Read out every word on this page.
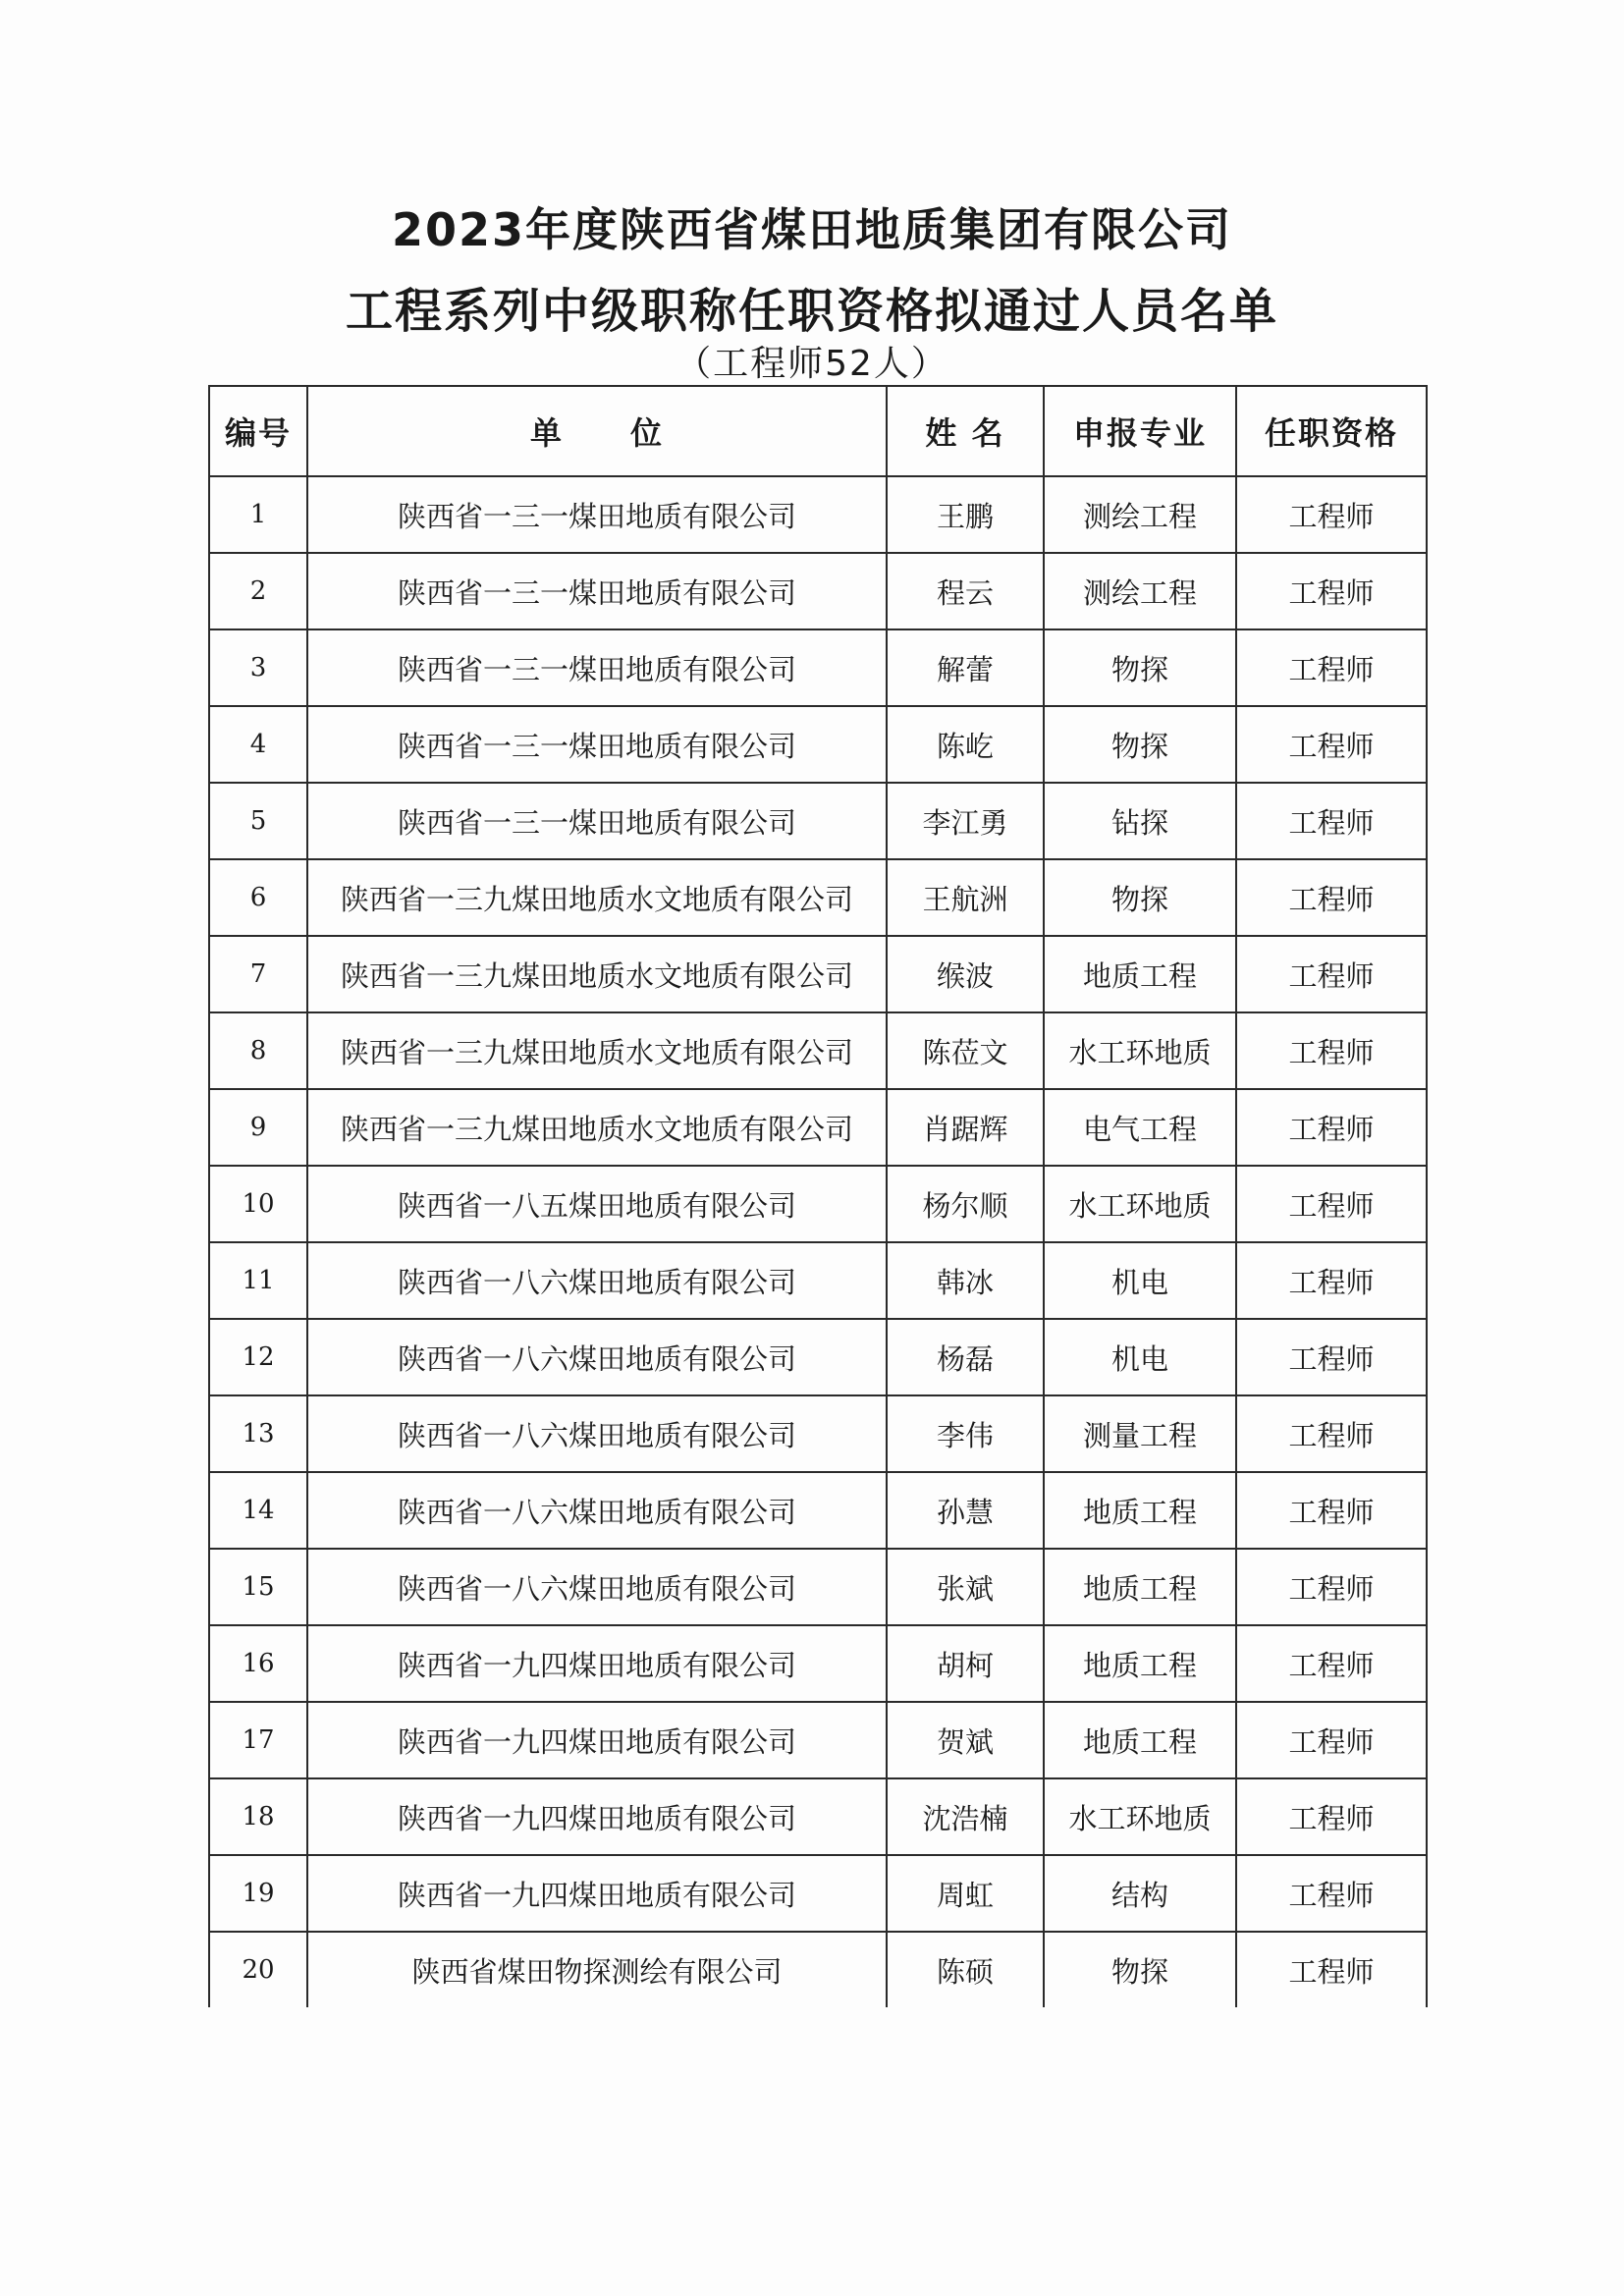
2023年度陕西省煤田地质集团有限公司
工程系列中级职称任职资格拟通过人员名单
（工程师52人）
编号	单　　位	姓 名	申报专业	任职资格
1	陕西省一三一煤田地质有限公司	王鹏	测绘工程	工程师
2	陕西省一三一煤田地质有限公司	程云	测绘工程	工程师
3	陕西省一三一煤田地质有限公司	解蕾	物探	工程师
4	陕西省一三一煤田地质有限公司	陈屹	物探	工程师
5	陕西省一三一煤田地质有限公司	李江勇	钻探	工程师
6	陕西省一三九煤田地质水文地质有限公司	王航洲	物探	工程师
7	陕西省一三九煤田地质水文地质有限公司	缑波	地质工程	工程师
8	陕西省一三九煤田地质水文地质有限公司	陈莅文	水工环地质	工程师
9	陕西省一三九煤田地质水文地质有限公司	肖踞辉	电气工程	工程师
10	陕西省一八五煤田地质有限公司	杨尔顺	水工环地质	工程师
11	陕西省一八六煤田地质有限公司	韩冰	机电	工程师
12	陕西省一八六煤田地质有限公司	杨磊	机电	工程师
13	陕西省一八六煤田地质有限公司	李伟	测量工程	工程师
14	陕西省一八六煤田地质有限公司	孙慧	地质工程	工程师
15	陕西省一八六煤田地质有限公司	张斌	地质工程	工程师
16	陕西省一九四煤田地质有限公司	胡柯	地质工程	工程师
17	陕西省一九四煤田地质有限公司	贺斌	地质工程	工程师
18	陕西省一九四煤田地质有限公司	沈浩楠	水工环地质	工程师
19	陕西省一九四煤田地质有限公司	周虹	结构	工程师
20	陕西省煤田物探测绘有限公司	陈硕	物探	工程师
